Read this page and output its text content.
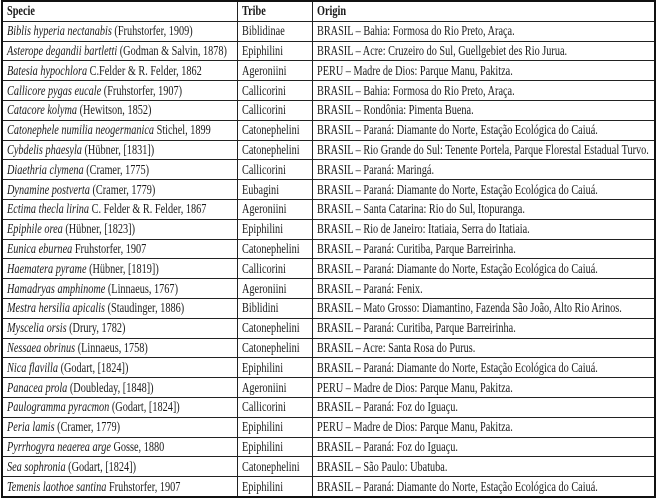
Specie	Tribe	Origin
Biblis hyperia nectanabis (Fruhstorfer, 1909)	Biblidinae	BRASIL – Bahia: Formosa do Rio Preto, Araça.
Asterope degandii bartletti (Godman & Salvin, 1878)	Epiphilini	BRASIL – Acre: Cruzeiro do Sul, Guellgebiet des Rio Jurua.
Batesia hypochlora C.Felder & R. Felder, 1862	Ageroniini	PERU – Madre de Dios: Parque Manu, Pakitza.
Callicore pygas eucale (Fruhstorfer, 1907)	Callicorini	BRASIL – Bahia: Formosa do Rio Preto, Araça.
Catacore kolyma (Hewitson, 1852)	Callicorini	BRASIL – Rondônia: Pimenta Buena.
Catonephele numilia neogermanica Stichel, 1899	Catonephelini	BRASIL – Paraná: Diamante do Norte, Estação Ecológica do Caiuá.
Cybdelis phaesyla (Hübner, [1831])	Catonephelini	BRASIL – Rio Grande do Sul: Tenente Portela, Parque Florestal Estadual Turvo.
Diaethria clymena (Cramer, 1775)	Callicorini	BRASIL – Paraná: Maringá.
Dynamine postverta (Cramer, 1779)	Eubagini	BRASIL – Paraná: Diamante do Norte, Estação Ecológica do Caiuá.
Ectima thecla lirina C. Felder & R. Felder, 1867	Ageroniini	BRASIL – Santa Catarina: Rio do Sul, Itopuranga.
Epiphile orea (Hübner, [1823])	Epiphilini	BRASIL – Rio de Janeiro: Itatiaia, Serra do Itatiaia.
Eunica eburnea Fruhstorfer, 1907	Catonephelini	BRASIL – Paraná: Curitiba, Parque Barreirinha.
Haematera pyrame (Hübner, [1819])	Callicorini	BRASIL – Paraná: Diamante do Norte, Estação Ecológica do Caiuá.
Hamadryas amphinome (Linnaeus, 1767)	Ageroniini	BRASIL – Paraná: Fenix.
Mestra hersilia apicalis (Staudinger, 1886)	Biblidini	BRASIL – Mato Grosso: Diamantino, Fazenda São João, Alto Rio Arinos.
Myscelia orsis (Drury, 1782)	Catonephelini	BRASIL – Paraná: Curitiba, Parque Barreirinha.
Nessaea obrinus (Linnaeus, 1758)	Catonephelini	BRASIL – Acre: Santa Rosa do Purus.
Nica flavilla (Godart, [1824])	Epiphilini	BRASIL – Paraná: Diamante do Norte, Estação Ecológica do Caiuá.
Panacea prola (Doubleday, [1848])	Ageroniini	PERU – Madre de Dios: Parque Manu, Pakitza.
Paulogramma pyracmon (Godart, [1824])	Callicorini	BRASIL – Paraná: Foz do Iguaçu.
Peria lamis (Cramer, 1779)	Epiphilini	PERU – Madre de Dios: Parque Manu, Pakitza.
Pyrrhogyra neaerea arge Gosse, 1880	Epiphilini	BRASIL – Paraná: Foz do Iguaçu.
Sea sophronia (Godart, [1824])	Catonephelini	BRASIL – São Paulo: Ubatuba.
Temenis laothoe santina Fruhstorfer, 1907	Epiphilini	BRASIL – Paraná: Diamante do Norte, Estação Ecológica do Caiuá.
